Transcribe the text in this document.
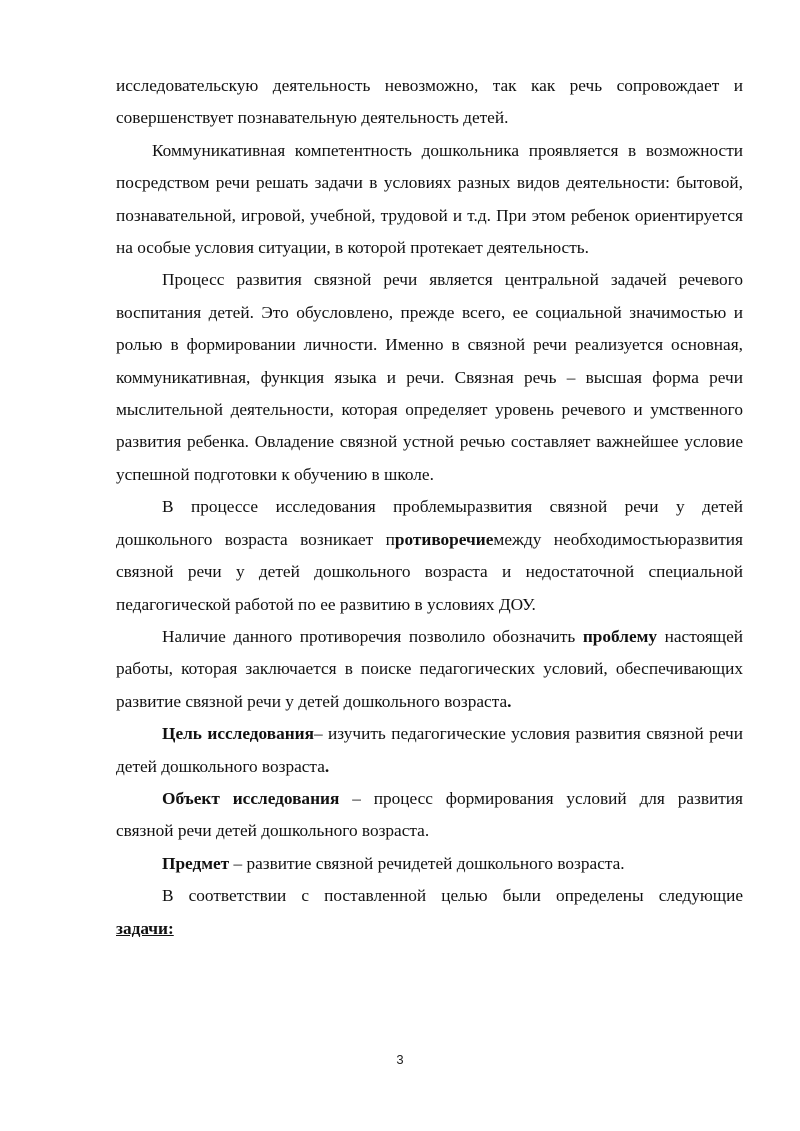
исследовательскую деятельность невозможно, так как речь сопровождает и совершенствует познавательную деятельность детей.

Коммуникативная компетентность дошкольника проявляется в возможности посредством речи решать задачи в условиях разных видов деятельности: бытовой, познавательной, игровой, учебной, трудовой и т.д. При этом ребенок ориентируется на особые условия ситуации, в которой протекает деятельность.

Процесс развития связной речи является центральной задачей речевого воспитания детей. Это обусловлено, прежде всего, ее социальной значимостью и ролью в формировании личности. Именно в связной речи реализуется основная, коммуникативная, функция языка и речи. Связная речь – высшая форма речи мыслительной деятельности, которая определяет уровень речевого и умственного развития ребенка. Овладение связной устной речью составляет важнейшее условие успешной подготовки к обучению в школе.

В процессе исследования проблемыразвития связной речи у детей дошкольного возраста возникает противоречиемежду необходимостьюразвития связной речи у детей дошкольного возраста и недостаточной специальной педагогической работой по ее развитию в условиях ДОУ.

Наличие данного противоречия позволило обозначить проблему настоящей работы, которая заключается в поиске педагогических условий, обеспечивающих развитие связной речи у детей дошкольного возраста.

Цель исследования– изучить педагогические условия развития связной речи детей дошкольного возраста.

Объект исследования – процесс формирования условий для развития связной речи детей дошкольного возраста.

Предмет – развитие связной речидетей дошкольного возраста.

В соответствии с поставленной целью были определены следующие

задачи:

3
